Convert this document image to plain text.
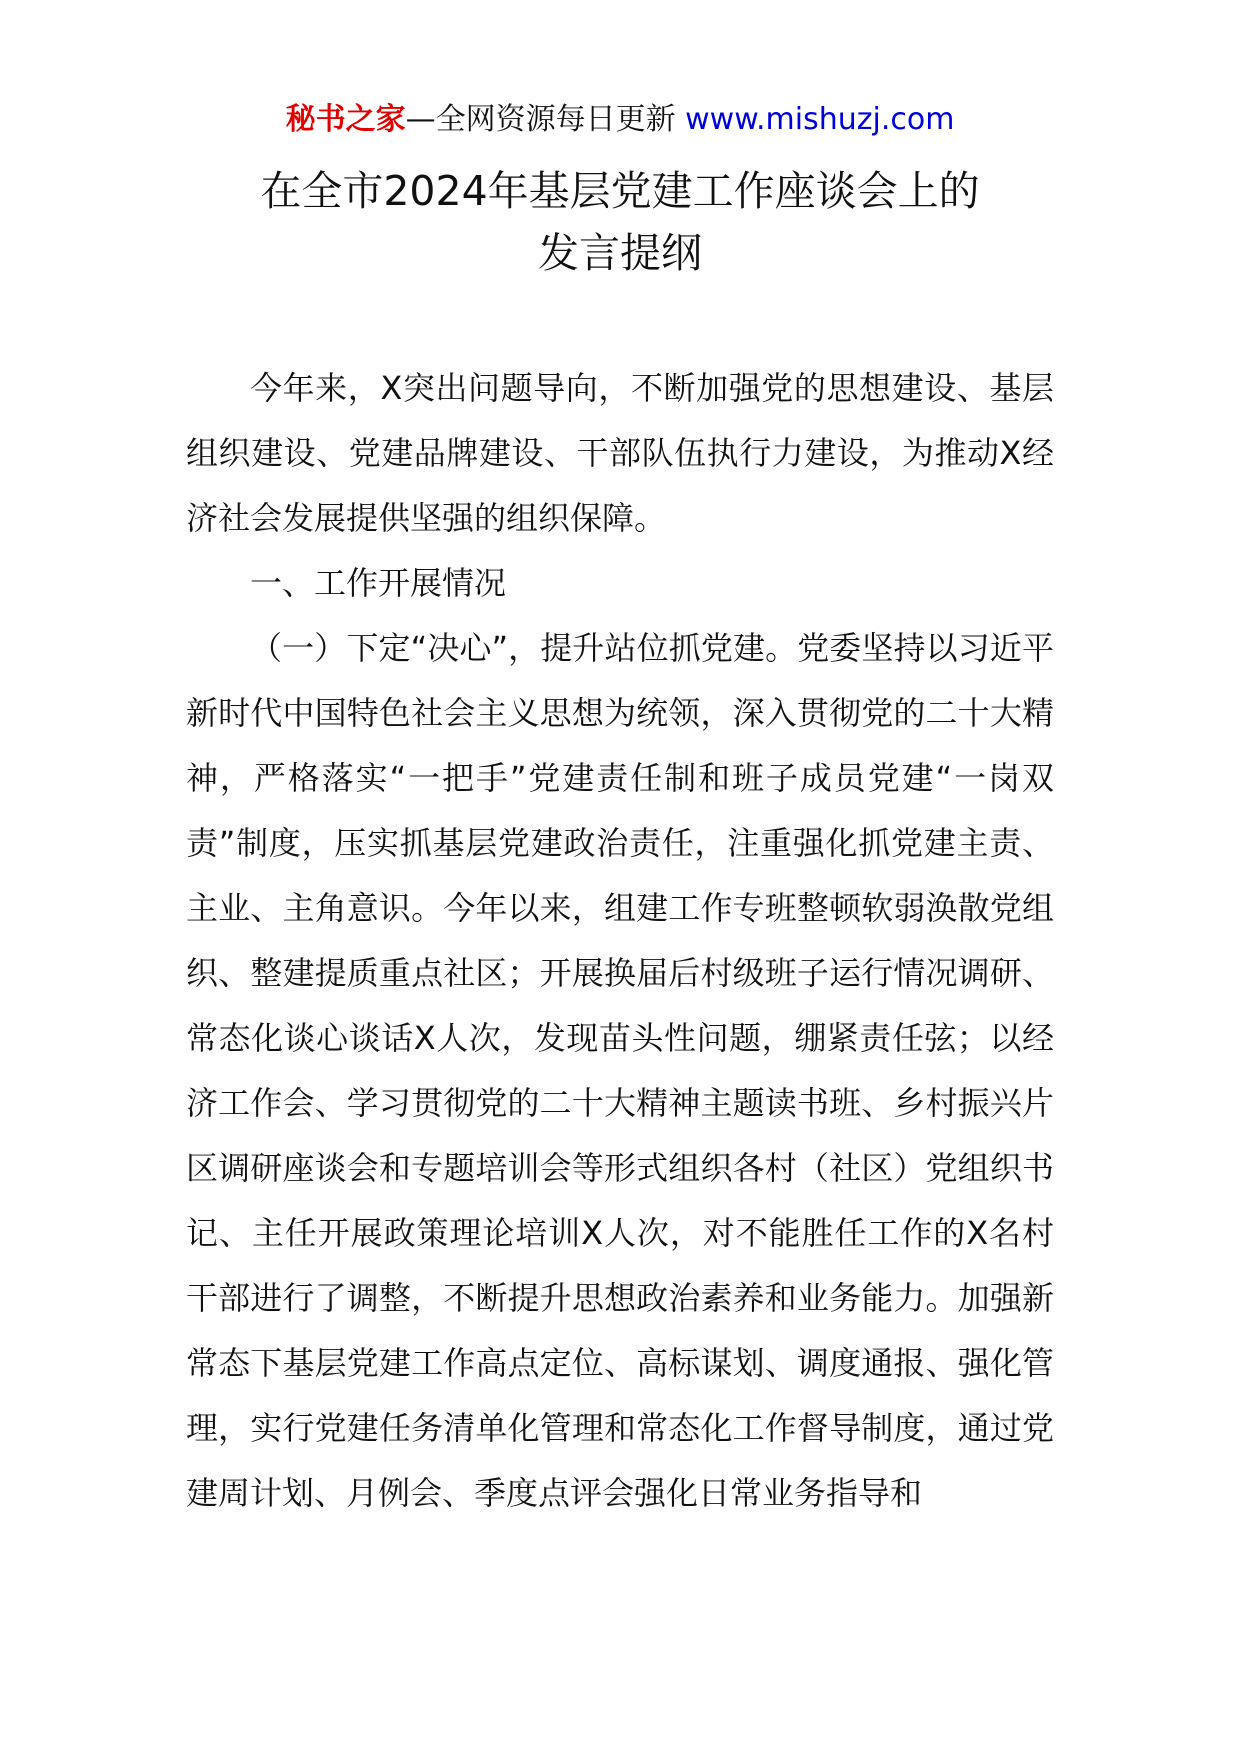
秘书之家—全网资源每日更新 www.mishuzj.com
在全市2024年基层党建工作座谈会上的
发言提纲

今年来，X突出问题导向，不断加强党的思想建设、基层组织建设、党建品牌建设、干部队伍执行力建设，为推动X经济社会发展提供坚强的组织保障。

一、工作开展情况

（一）下定“决心”，提升站位抓党建。党委坚持以习近平新时代中国特色社会主义思想为统领，深入贯彻党的二十大精神，严格落实“一把手”党建责任制和班子成员党建“一岗双责”制度，压实抓基层党建政治责任，注重强化抓党建主责、主业、主角意识。今年以来，组建工作专班整顿软弱涣散党组织、整建提质重点社区；开展换届后村级班子运行情况调研、常态化谈心谈话X人次，发现苗头性问题，绷紧责任弦；以经济工作会、学习贯彻党的二十大精神主题读书班、乡村振兴片区调研座谈会和专题培训会等形式组织各村（社区）党组织书记、主任开展政策理论培训X人次，对不能胜任工作的X名村干部进行了调整，不断提升思想政治素养和业务能力。加强新常态下基层党建工作高点定位、高标谋划、调度通报、强化管理，实行党建任务清单化管理和常态化工作督导制度，通过党建周计划、月例会、季度点评会强化日常业务指导和
